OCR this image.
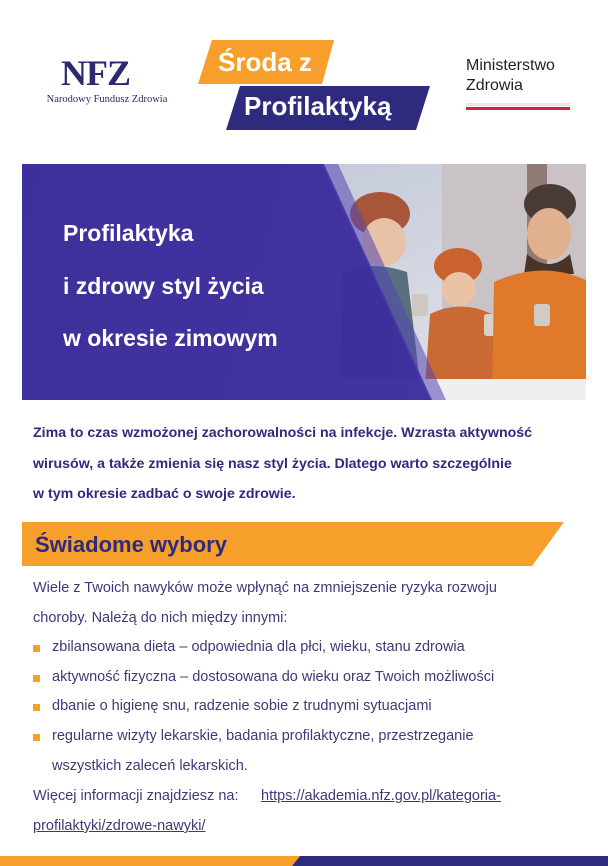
NFZ
Narodowy Fundusz Zdrowia
Środa z
Profilaktyką
Ministerstwo
Zdrowia
Profilaktyka
i zdrowy styl życia
w okresie zimowym
Zima to czas wzmożonej zachorowalności na infekcje. Wzrasta aktywność
wirusów, a także zmienia się nasz styl życia. Dlatego warto szczególnie
w tym okresie zadbać o swoje zdrowie.
Świadome wybory
Wiele z Twoich nawyków może wpłynąć na zmniejszenie ryzyka rozwoju
choroby. Należą do nich między innymi:
zbilansowana dieta – odpowiednia dla płci, wieku, stanu zdrowia
aktywność fizyczna – dostosowana do wieku oraz Twoich możliwości
dbanie o higienę snu, radzenie sobie z trudnymi sytuacjami
regularne wizyty lekarskie, badania profilaktyczne, przestrzeganie
wszystkich zaleceń lekarskich.
Więcej informacji znajdziesz na: https://akademia.nfz.gov.pl/kategoria-
profilaktyki/zdrowe-nawyki/
